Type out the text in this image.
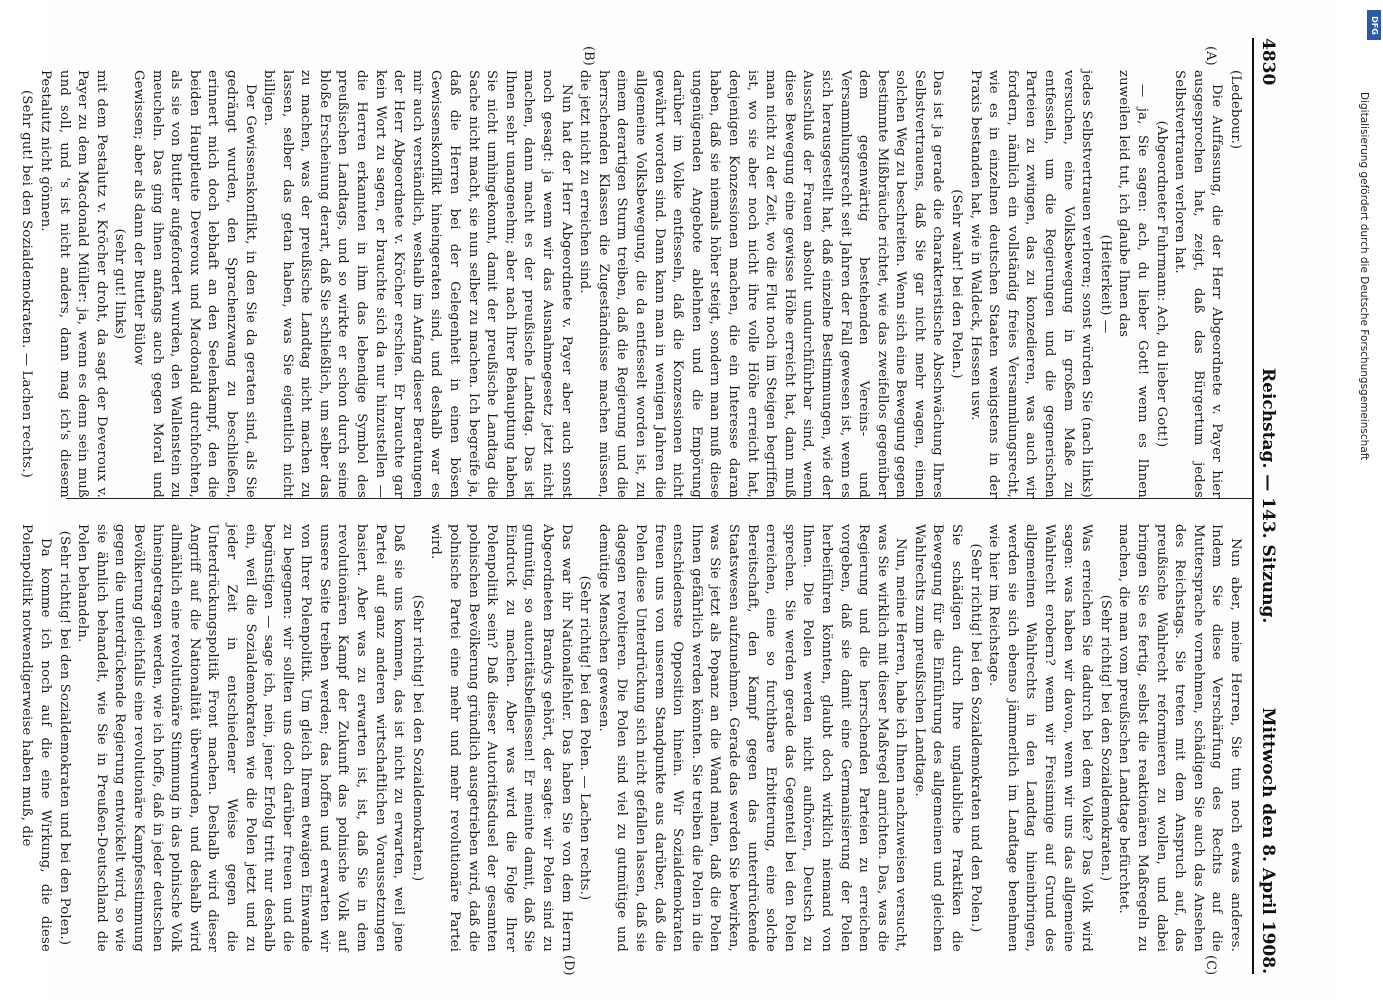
4830
Reichstag. — 143. Sitzung.
Mittwoch den 8. April 1908.
(A)
(B)
(C)
(D)

(Ledebour.)

Die Auffassung, die der Herr Abgeordnete v. Payer hier ausgesprochen hat, zeigt, daß das Bürgertum jedes Selbstvertrauen verloren hat.

(Abgeordneter Fuhrmann: Ach, du lieber Gott!)

— ja, Sie sagen: ach, du lieber Gott! wenn es Ihnen zuweilen leid tut, ich glaube Ihnen das

(Heiterkeit) —

jedes Selbstvertrauen verloren; sonst würden Sie (nach links) versuchen, eine Volksbewegung in großem Maße zu entfesseln, um die Regierungen und die gegnerischen Parteien zu zwingen, das zu konzedieren, was auch wir fordern, nämlich ein vollständig freies Versammlungsrecht, wie es in einzelnen deutschen Staaten wenigstens in der Praxis bestanden hat, wie in Waldeck, Hessen usw.

(Sehr wahr! bei den Polen.)

Das ist ja gerade die charakteristische Abschwächung Ihres Selbstvertrauens, daß Sie gar nicht mehr wagen, einen solchen Weg zu beschreiten. Wenn sich eine Bewegung gegen bestimmte Mißbräuche richtet, wie das zweifellos gegenüber dem gegenwärtig bestehenden Vereins- und Versammlungsrecht seit Jahren der Fall gewesen ist, wenn es sich herausgestellt hat, daß einzelne Bestimmungen, wie der Ausschluß der Frauen absolut undurchführbar sind, wenn diese Bewegung eine gewisse Höhe erreicht hat, dann muß man nicht zu der Zeit, wo die Flut noch im Steigen begriffen ist, wo sie aber noch nicht ihre volle Höhe erreicht hat, denjenigen Konzessionen machen, die ein Interesse daran haben, daß sie niemals höher steigt, sondern man muß diese ungenügenden Angebote ablehnen und die Empörung darüber im Volke entfesseln, daß die Konzessionen nicht gewährt worden sind. Dann kann man in wenigen Jahren die allgemeine Volksbewegung, die da entfesselt worden ist, zu einem derartigen Sturm treiben, daß die Regierung und die herrschenden Klassen die Zugeständnisse machen müssen, die jetzt nicht zu erreichen sind.

Nun hat der Herr Abgeordnete v. Payer aber auch sonst noch gesagt: ja wenn wir das Ausnahmegesetz jetzt nicht machen, dann macht es der preußische Landtag. Das ist Ihnen sehr unangenehm; aber nach Ihrer Behauptung haben Sie nicht umhingekonnt, damit der preußische Landtag die Sache nicht macht, sie nun selber zu machen. Ich begreife ja, daß die Herren bei der Gelegenheit in einen bösen Gewissenskonflikt hineingeraten sind, und deshalb war es mir auch verständlich, weshalb im Anfang dieser Beratungen der Herr Abgeordnete v. Kröcher erschien. Er brauchte gar kein Wort zu sagen, er brauchte sich da nur hinzustellen — die Herren erkannten in ihm das lebendige Symbol des preußischen Landtags, und so wirkte er schon durch seine bloße Erscheinung derart, daß Sie schließlich, um selber das zu machen, was der preußische Landtag nicht machen zu lassen, selber das getan haben, was Sie eigentlich nicht billigen.

Der Gewissenskonflikt, in den Sie da geraten sind, als Sie gedrängt wurden, den Sprachenzwang zu beschließen, erinnert mich doch lebhaft an den Seelenkampf, den die beiden Hauptleute Deveroux und Macdonald durchfochten, als sie von Buttler aufgefordert wurden, den Wallenstein zu meucheln. Das ging ihnen anfangs auch gegen Moral und Gewissen; aber als dann der Buttler Bülow

(sehr gut! links)

mit dem Pestalutz v. Kröcher droht, da sagt der Deveroux v. Payer zu dem Macdonald Müller: ja, wenn es denn sein muß und soll, und 's ist nicht anders, dann mag ich's diesem Pestalutz nicht gönnen.

(Sehr gut! bei den Sozialdemokraten. — Lachen rechts.)

Nun aber, meine Herren, Sie tun noch etwas anderes. Indem Sie diese Verschärfung des Rechts auf die Muttersprache vornehmen, schädigen Sie auch das Ansehen des Reichstags. Sie treten mit dem Anspruch auf, das preußische Wahlrecht reformieren zu wollen, und dabei bringen Sie es fertig, selbst die reaktionären Maßregeln zu machen, die man vom preußischen Landtage befürchtet.

(Sehr richtig! bei den Sozialdemokraten.)

Was erreichen Sie dadurch bei dem Volke? Das Volk wird sagen: was haben wir davon, wenn wir uns das allgemeine Wahlrecht erobern? wenn wir Freisinnige auf Grund des allgemeinen Wahlrechts in den Landtag hineinbringen, werden sie sich ebenso jämmerlich im Landtage benehmen wie hier im Reichstage.

(Sehr richtig! bei den Sozialdemokraten und den Polen.)

Sie schädigen durch Ihre unglaubliche Praktiken die Bewegung für die Einführung des allgemeinen und gleichen Wahlrechts zum preußischen Landtage.

Nun, meine Herren, habe ich Ihnen nachzuweisen versucht, was Sie wirklich mit dieser Maßregel anrichten. Das, was die Regierung und die herrschenden Parteien zu erreichen vorgeben, daß sie damit eine Germanisierung der Polen herbeiführen könnten, glaubt doch wirklich niemand von Ihnen. Die Polen werden nicht aufhören, Deutsch zu sprechen. Sie werden gerade das Gegenteil bei den Polen erreichen, eine so furchtbare Erbitterung, eine solche Bereitschaft, den Kampf gegen das unterdrückende Staatswesen aufzunehmen. Gerade das werden Sie bewirken, was Sie jetzt als Popanz an die Wand malen, daß die Polen Ihnen gefährlich werden könnten. Sie treiben die Polen in die entschiedenste Opposition hinein. Wir Sozialdemokraten freuen uns von unserem Standpunkte aus darüber, daß die Polen diese Unterdrückung sich nicht gefallen lassen, daß sie dagegen revoltieren. Die Polen sind viel zu gutmütige und demütige Menschen gewesen.

(Sehr richtig! bei den Polen. — Lachen rechts.)

Das war ihr Nationalfehler. Das haben Sie von dem Herrn Abgeordneten Brandys gehört, der sagte: wir Polen sind zu gutmütig, so autoritätsbefliessen! Er meinte damit, daß Sie Eindruck zu machen. Aber was wird die Folge Ihrer Polenpolitik sein? Daß dieser Autoritätsdusel der gesamten polnischen Bevölkerung gründlich ausgetrieben wird, daß die polnische Partei eine mehr und mehr revolutionäre Partei wird.

(Sehr richtig! bei den Sozialdemokraten.)

Daß sie uns kommen, das ist nicht zu erwarten, weil jene Partei auf ganz anderen wirtschaftlichen Voraussetzungen basiert. Aber was zu erwarten ist, ist, daß Sie in dem revolutionären Kampf der Zukunft das polnische Volk auf unsere Seite treiben werden; das hoffen und erwarten wir von Ihrer Polenpolitik. Um gleich Ihrem etwaigen Einwande zu begegnen: wir sollten uns doch darüber freuen und die begünstigen — sage ich, nein, jener Erfolg tritt nur deshalb ein, weil die Sozialdemokraten wie die Polen jetzt und zu jeder Zeit in entschiedener Weise gegen die Unterdrückungspolitik Front machen. Deshalb wird dieser Angriff auf die Nationalität überwunden, und deshalb wird allmählich eine revolutionäre Stimmung in das polnische Volk hineingetragen werden, wie ich hoffe, daß in jeder deutschen Bevölkerung gleichfalls eine revolutionäre Kampfesstimmung gegen die unterdrückende Regierung entwickelt wird, so wie sie ähnlich behandelt, wie Sie in Preußen-Deutschland die Polen behandeln.

(Sehr richtig! bei den Sozialdemokraten und bei den Polen.)

Da komme ich noch auf die eine Wirkung, die diese Polenpolitik notwendigerweise haben muß, die

Digitalisierung gefördert durch die Deutsche Forschungsgemeinschaft
DFG
